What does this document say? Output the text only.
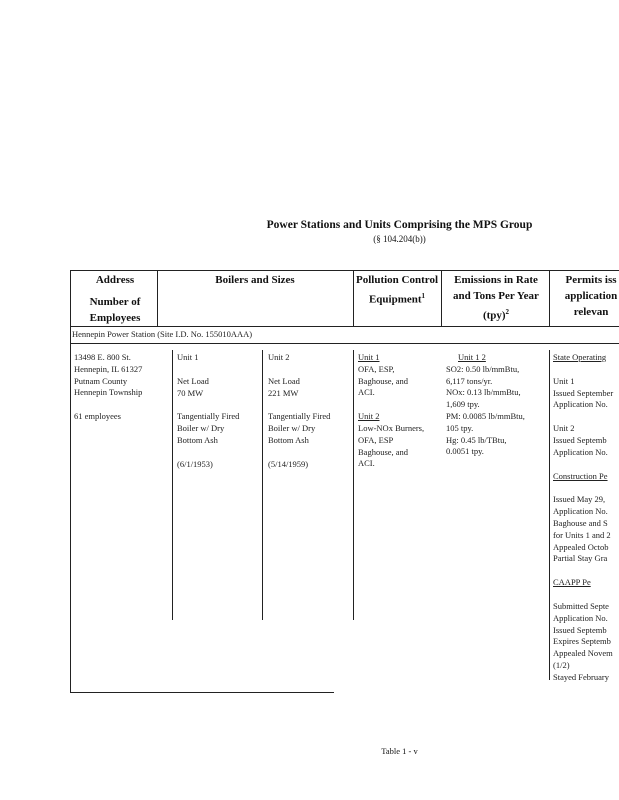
Power Stations and Units Comprising the MPS Group
(§ 104.204(b))
Address
Number of Employees
Boilers and Sizes	Pollution Control Equipment$^1$
Emissions in Rate and Tons Per Year (tpy)$^2$
Permits iss application relevan
Hennepin Power Station (Site I.D. No. 155010AAA)
13498 E. 800 St.
Hennepin, IL 61327
Putnam County
Hennepin Township
61 employees
Unit 1
Net Load
70 MW
Tangentially Fired
Boiler w/ Dry
Bottom Ash
(6/1/1953)
Unit 2
Net Load
221 MW
Tangentially Fired
Boiler w/ Dry
Bottom Ash
(5/14/1959)
Unit 1
OFA, ESP,
Baghouse, and
ACI.
Unit 2
Low-NOx Burners,
OFA, ESP
Baghouse, and
ACI.
Unit 1 2
SO2: 0.50 lb/mmBtu,
6,117 tons/yr.
NOx: 0.13 lb/mmBtu,
1,609 tpy.
PM: 0.0085 lb/mmBtu,
105 tpy.
Hg: 0.45 lb/TBtu,
0.0051 tpy.
State Operating
Unit 1
Issued September
Application No.
Unit 2
Issued Septemb
Application No.
Construction Pe
Issued May 29,
Application No.
Baghouse and S
for Units 1 and 2
Appealed Octob
Partial Stay Gra
CAAPP Pe
Submitted Septe
Application No.
Issued Septemb
Expires Septemb
Appealed Novem
(1/2)
Stayed February
Table 1 - v
